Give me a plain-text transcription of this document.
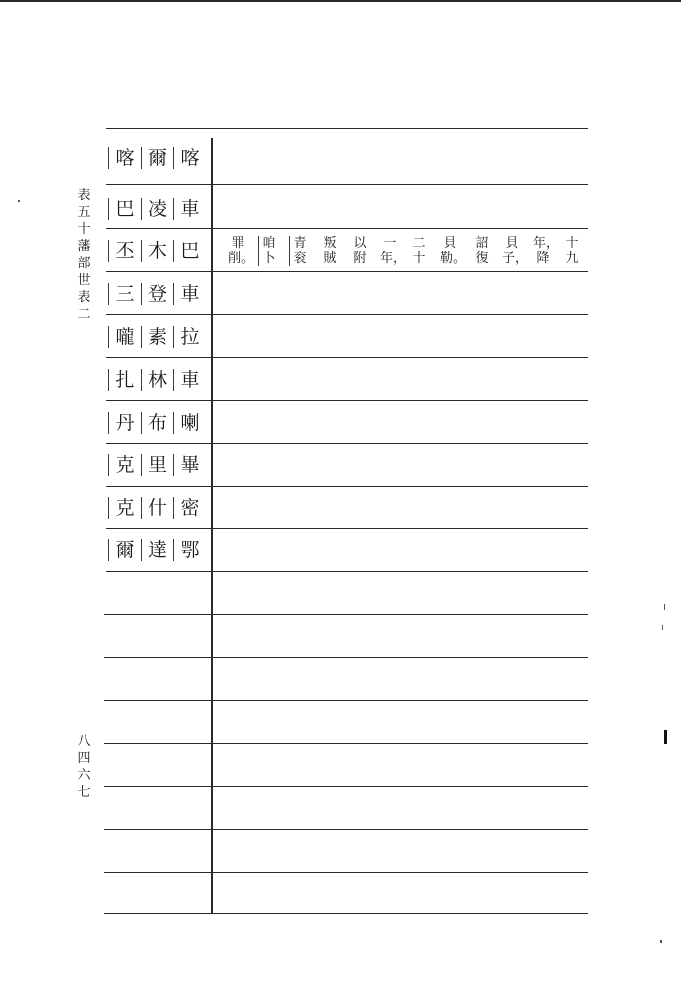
表五十　藩部世表二
八四六七
喀 爾 喀
巴 凌 車
丕 木 巴
三 登 車
嚨 素 拉
扎 林 車
丹 布 喇
克 里 畢
克 什 密
爾 達 鄂
罪削。
咱卜
青衮
叛賊
以附
一年，
二十
貝勒。
詔復
貝子，
年，降
十九
